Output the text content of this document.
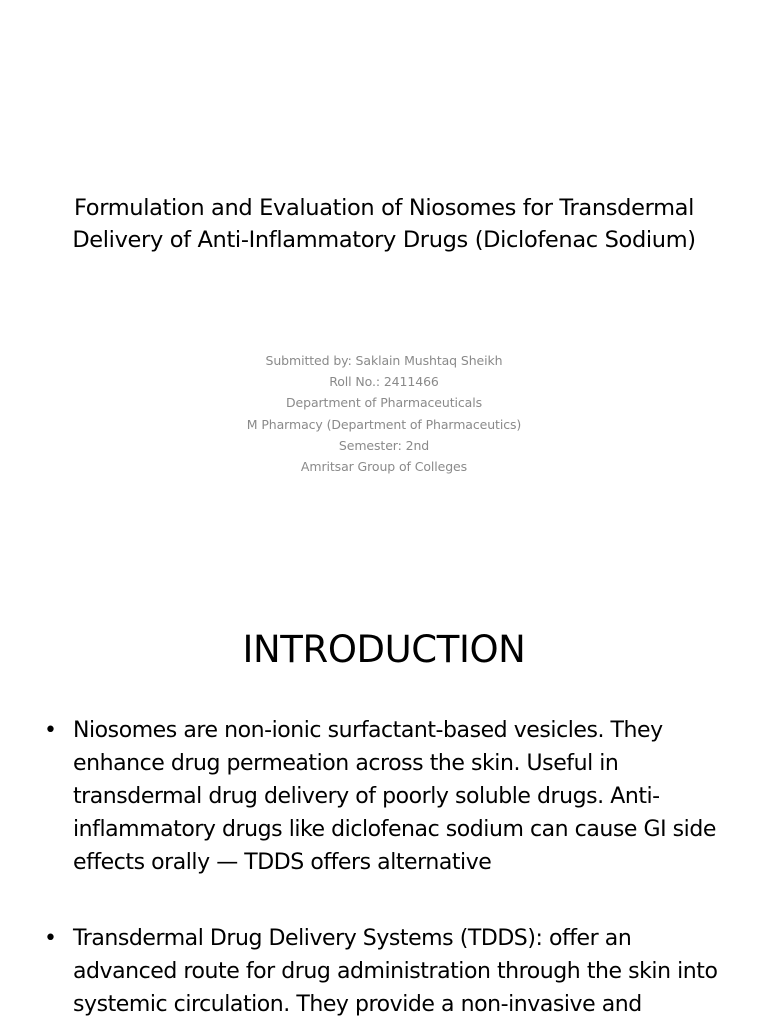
Formulation and Evaluation of Niosomes for Transdermal
Delivery of Anti-Inflammatory Drugs (Diclofenac Sodium)
Submitted by: Saklain Mushtaq Sheikh
Roll No.: 2411466
Department of Pharmaceuticals
M Pharmacy (Department of Pharmaceutics)
Semester: 2nd
Amritsar Group of Colleges
INTRODUCTION
• Niosomes are non-ionic surfactant-based vesicles. They enhance drug permeation across the skin. Useful in transdermal drug delivery of poorly soluble drugs. Anti-inflammatory drugs like diclofenac sodium can cause GI side effects orally — TDDS offers alternative
• Transdermal Drug Delivery Systems (TDDS): offer an advanced route for drug administration through the skin into systemic circulation. They provide a non-invasive and
